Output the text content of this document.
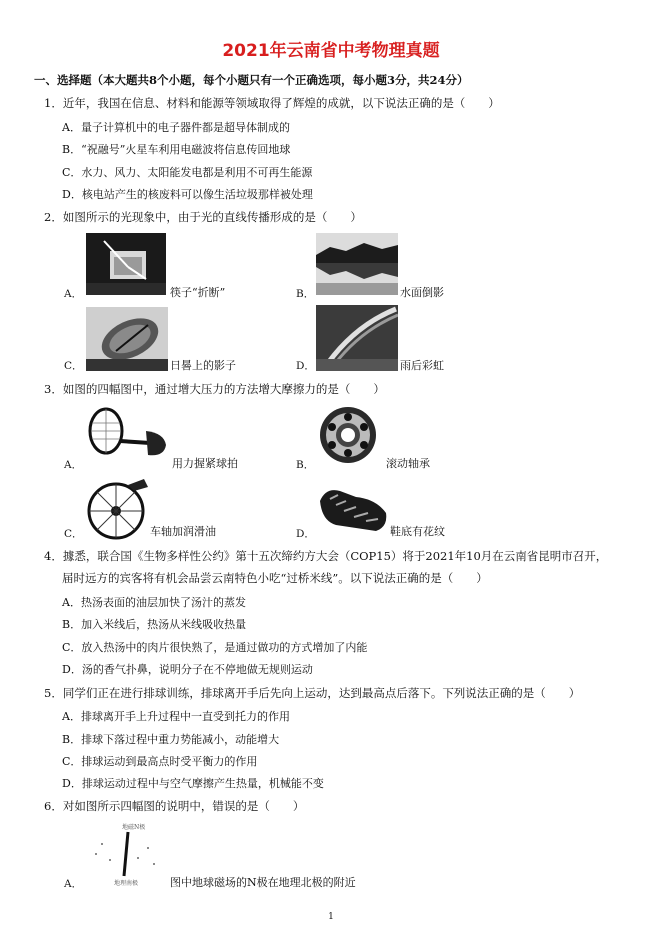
2021年云南省中考物理真题
一、选择题（本大题共8个小题，每个小题只有一个正确选项，每小题3分，共24分）
1．近年，我国在信息、材料和能源等领域取得了辉煌的成就，以下说法正确的是（　　）
A．量子计算机中的电子器件都是超导体制成的
B．“祝融号”火星车利用电磁波将信息传回地球
C．水力、风力、太阳能发电都是利用不可再生能源
D．核电站产生的核废料可以像生活垃圾那样被处理
2．如图所示的光现象中，由于光的直线传播形成的是（　　）
A．	筷子“折断”	B．	水面倒影
C．	日晷上的影子	D．	雨后彩虹
3．如图的四幅图中，通过增大压力的方法增大摩擦力的是（　　）
A．	用力握紧球拍	B．	滚动轴承
C．	车轴加润滑油	D．	鞋底有花纹
4．據悉，联合国《生物多样性公约》第十五次缔约方大会（COP15）将于2021年10月在云南省昆明市召开，
届时远方的宾客将有机会品尝云南特色小吃“过桥米线”。以下说法正确的是（　　）
A．热汤表面的油层加快了汤汁的蒸发
B．加入米线后，热汤从米线吸收热量
C．放入热汤中的肉片很快熟了，是通过做功的方式增加了内能
D．汤的香气扑鼻，说明分子在不停地做无规则运动
5．同学们正在进行排球训练，排球离开手后先向上运动，达到最高点后落下。下列说法正确的是（　　）
A．排球离开手上升过程中一直受到托力的作用
B．排球下落过程中重力势能减小，动能增大
C．排球运动到最高点时受平衡力的作用
D．排球运动过程中与空气摩擦产生热量，机械能不变
6．对如图所示四幅图的说明中，错误的是（　　）
地磁N极
地理南极
A．	图中地球磁场的N极在地理北极的附近
1
